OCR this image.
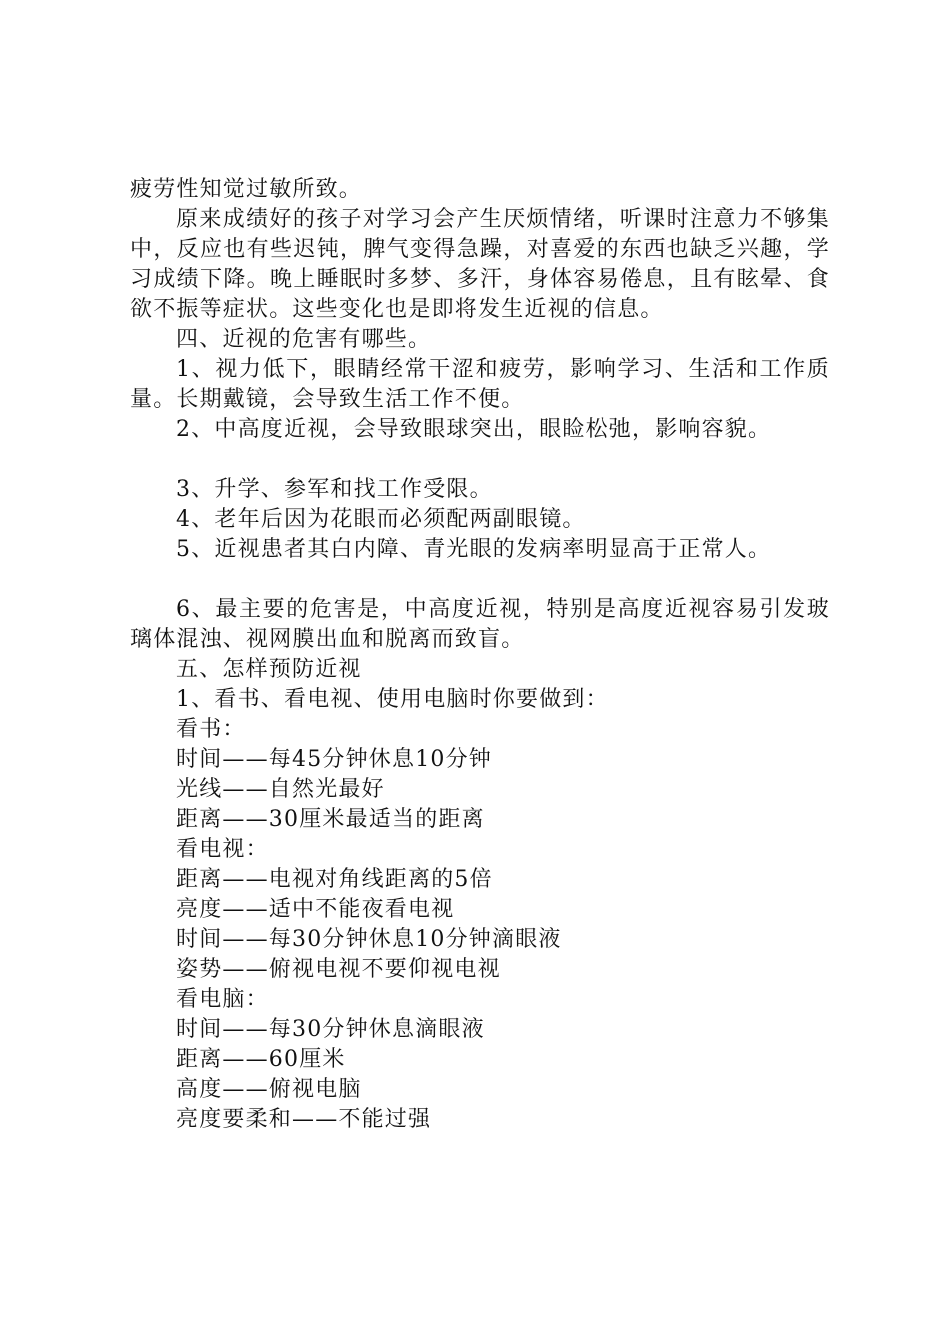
疲劳性知觉过敏所致。

原来成绩好的孩子对学习会产生厌烦情绪，听课时注意力不够集中，反应也有些迟钝，脾气变得急躁，对喜爱的东西也缺乏兴趣，学习成绩下降。晚上睡眠时多梦、多汗，身体容易倦息，且有眩晕、食欲不振等症状。这些变化也是即将发生近视的信息。

四、近视的危害有哪些。

1、视力低下，眼睛经常干涩和疲劳，影响学习、生活和工作质量。长期戴镜，会导致生活工作不便。

2、中高度近视，会导致眼球突出，眼睑松弛，影响容貌。

3、升学、参军和找工作受限。

4、老年后因为花眼而必须配两副眼镜。

5、近视患者其白内障、青光眼的发病率明显高于正常人。

6、最主要的危害是，中高度近视，特别是高度近视容易引发玻璃体混浊、视网膜出血和脱离而致盲。

五、怎样预防近视

1、看书、看电视、使用电脑时你要做到：

看书：

时间——每45分钟休息10分钟

光线——自然光最好

距离——30厘米最适当的距离

看电视：

距离——电视对角线距离的5倍

亮度——适中不能夜看电视

时间——每30分钟休息10分钟滴眼液

姿势——俯视电视不要仰视电视

看电脑：

时间——每30分钟休息滴眼液

距离——60厘米

高度——俯视电脑

亮度要柔和——不能过强
